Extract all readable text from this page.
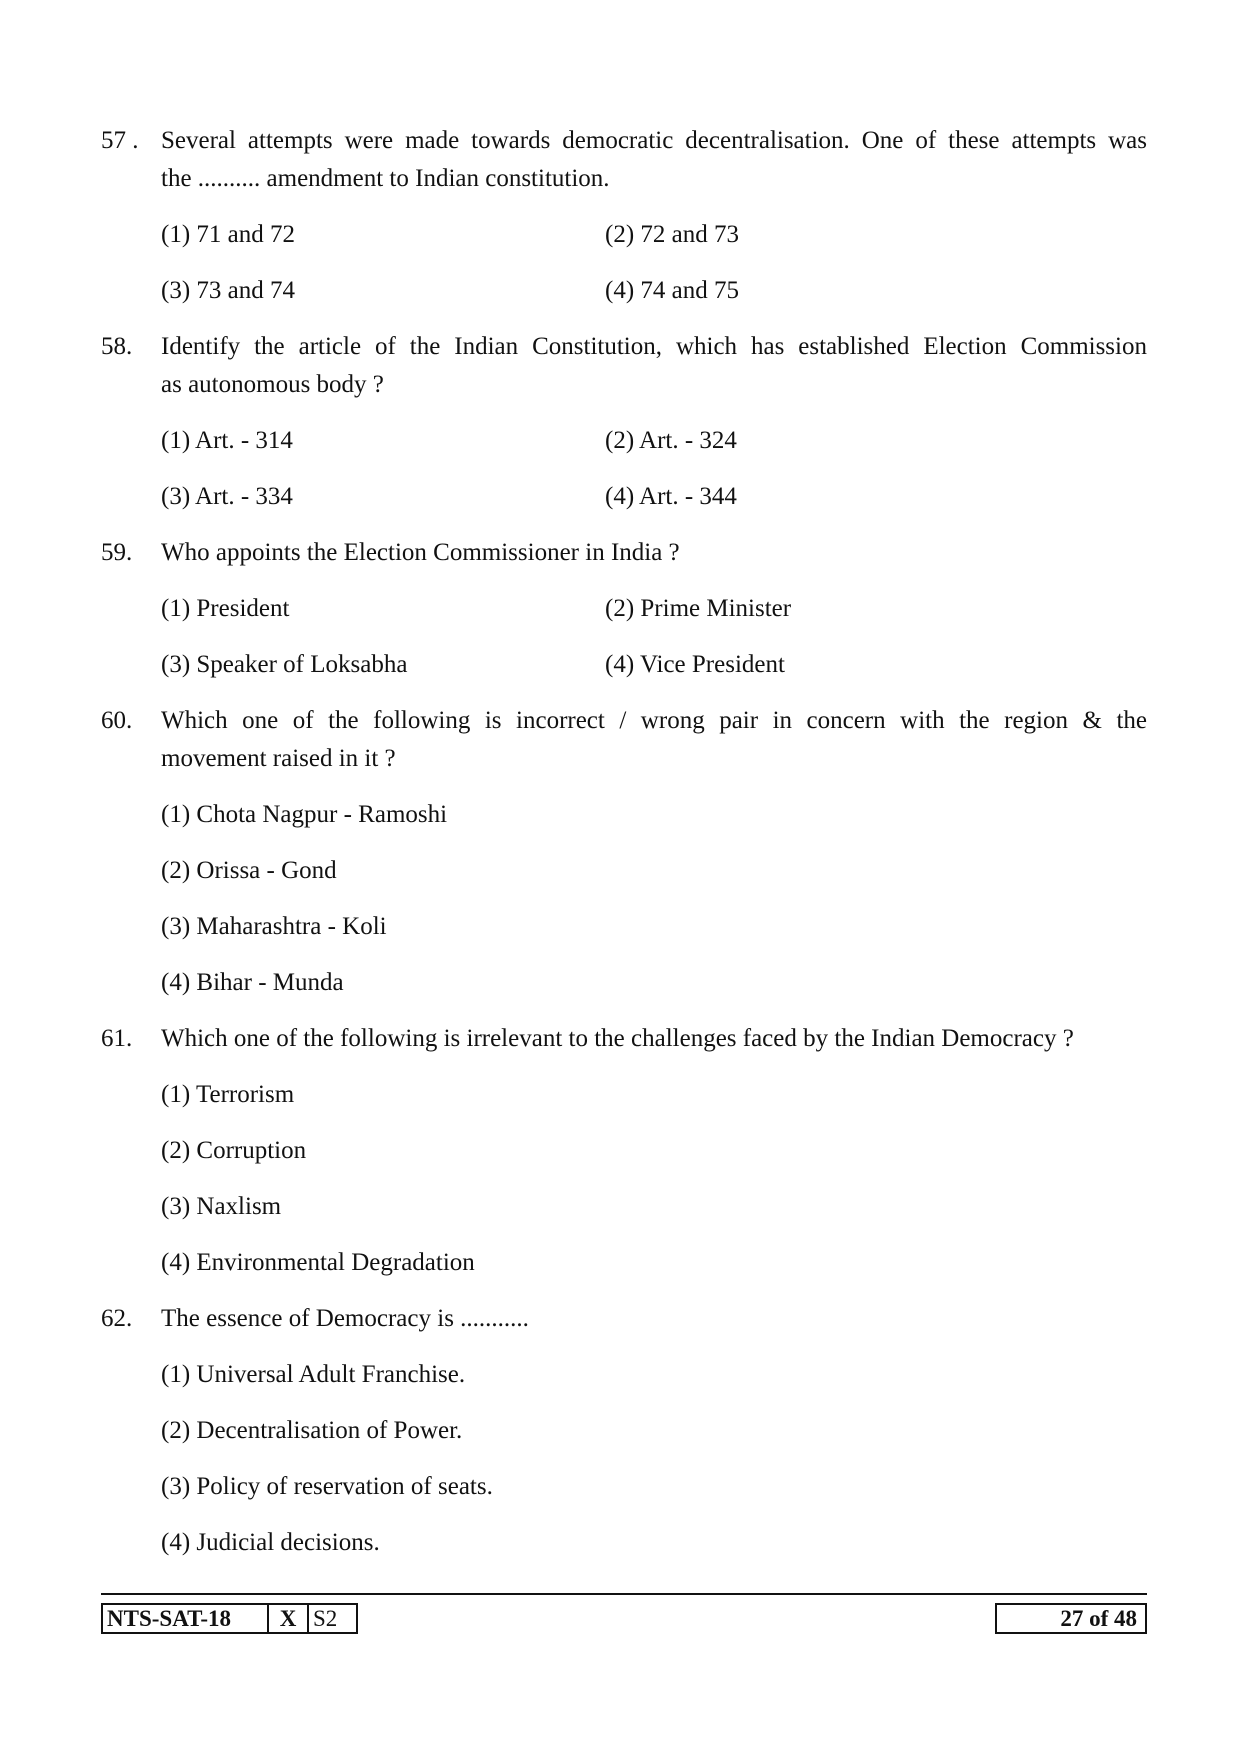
57 . Several attempts were made towards democratic decentralisation. One of these attempts was
the .......... amendment to Indian constitution.
(1) 71 and 72	(2) 72 and 73
(3) 73 and 74	(4) 74 and 75
58. Identify the article of the Indian Constitution, which has established Election Commission
as autonomous body ?
(1) Art. - 314	(2) Art. - 324
(3) Art. - 334	(4) Art. - 344
59. Who appoints the Election Commissioner in India ?
(1) President	(2) Prime Minister
(3) Speaker of Loksabha	(4) Vice President
60. Which one of the following is incorrect / wrong pair in concern with the region & the
movement raised in it ?
(1) Chota Nagpur - Ramoshi
(2) Orissa - Gond
(3) Maharashtra - Koli
(4) Bihar - Munda
61. Which one of the following is irrelevant to the challenges faced by the Indian Democracy ?
(1) Terrorism
(2) Corruption
(3) Naxlism
(4) Environmental Degradation
62. The essence of Democracy is ...........
(1) Universal Adult Franchise.
(2) Decentralisation of Power.
(3) Policy of reservation of seats.
(4) Judicial decisions.
NTS-SAT-18	X S2	27 of 48
